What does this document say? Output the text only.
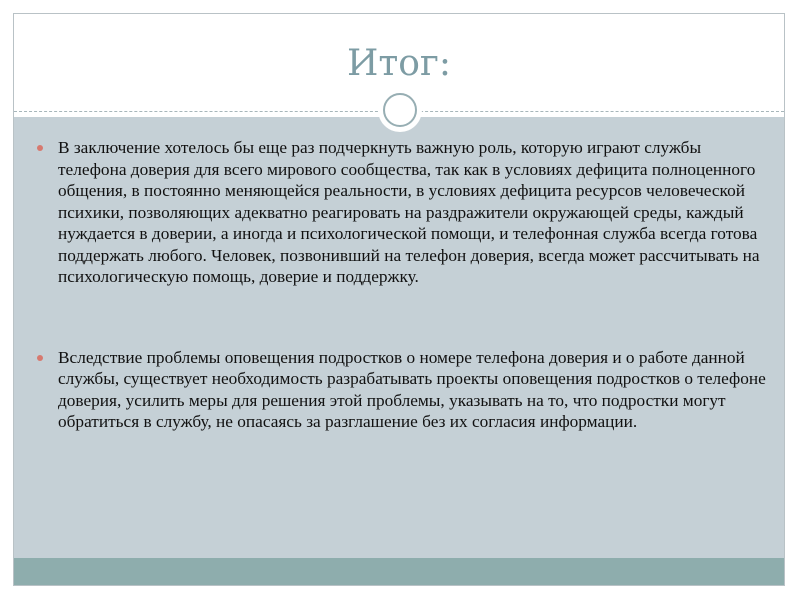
Итог:
В заключение хотелось бы еще раз подчеркнуть важную роль, которую играют службы телефона доверия для всего мирового сообщества, так как в условиях дефицита полноценного общения, в постоянно меняющейся реальности, в условиях дефицита ресурсов человеческой психики, позволяющих адекватно реагировать на раздражители окружающей среды, каждый нуждается в доверии, а иногда и психологической помощи, и телефонная служба всегда готова поддержать любого. Человек, позвонивший на телефон доверия, всегда может рассчитывать на психологическую помощь, доверие и поддержку.
Вследствие проблемы оповещения подростков о номере телефона доверия и о работе данной службы, существует необходимость разрабатывать проекты оповещения подростков о телефоне доверия, усилить меры для решения этой проблемы, указывать на то, что подростки могут обратиться в службу, не опасаясь за разглашение без их согласия информации.
